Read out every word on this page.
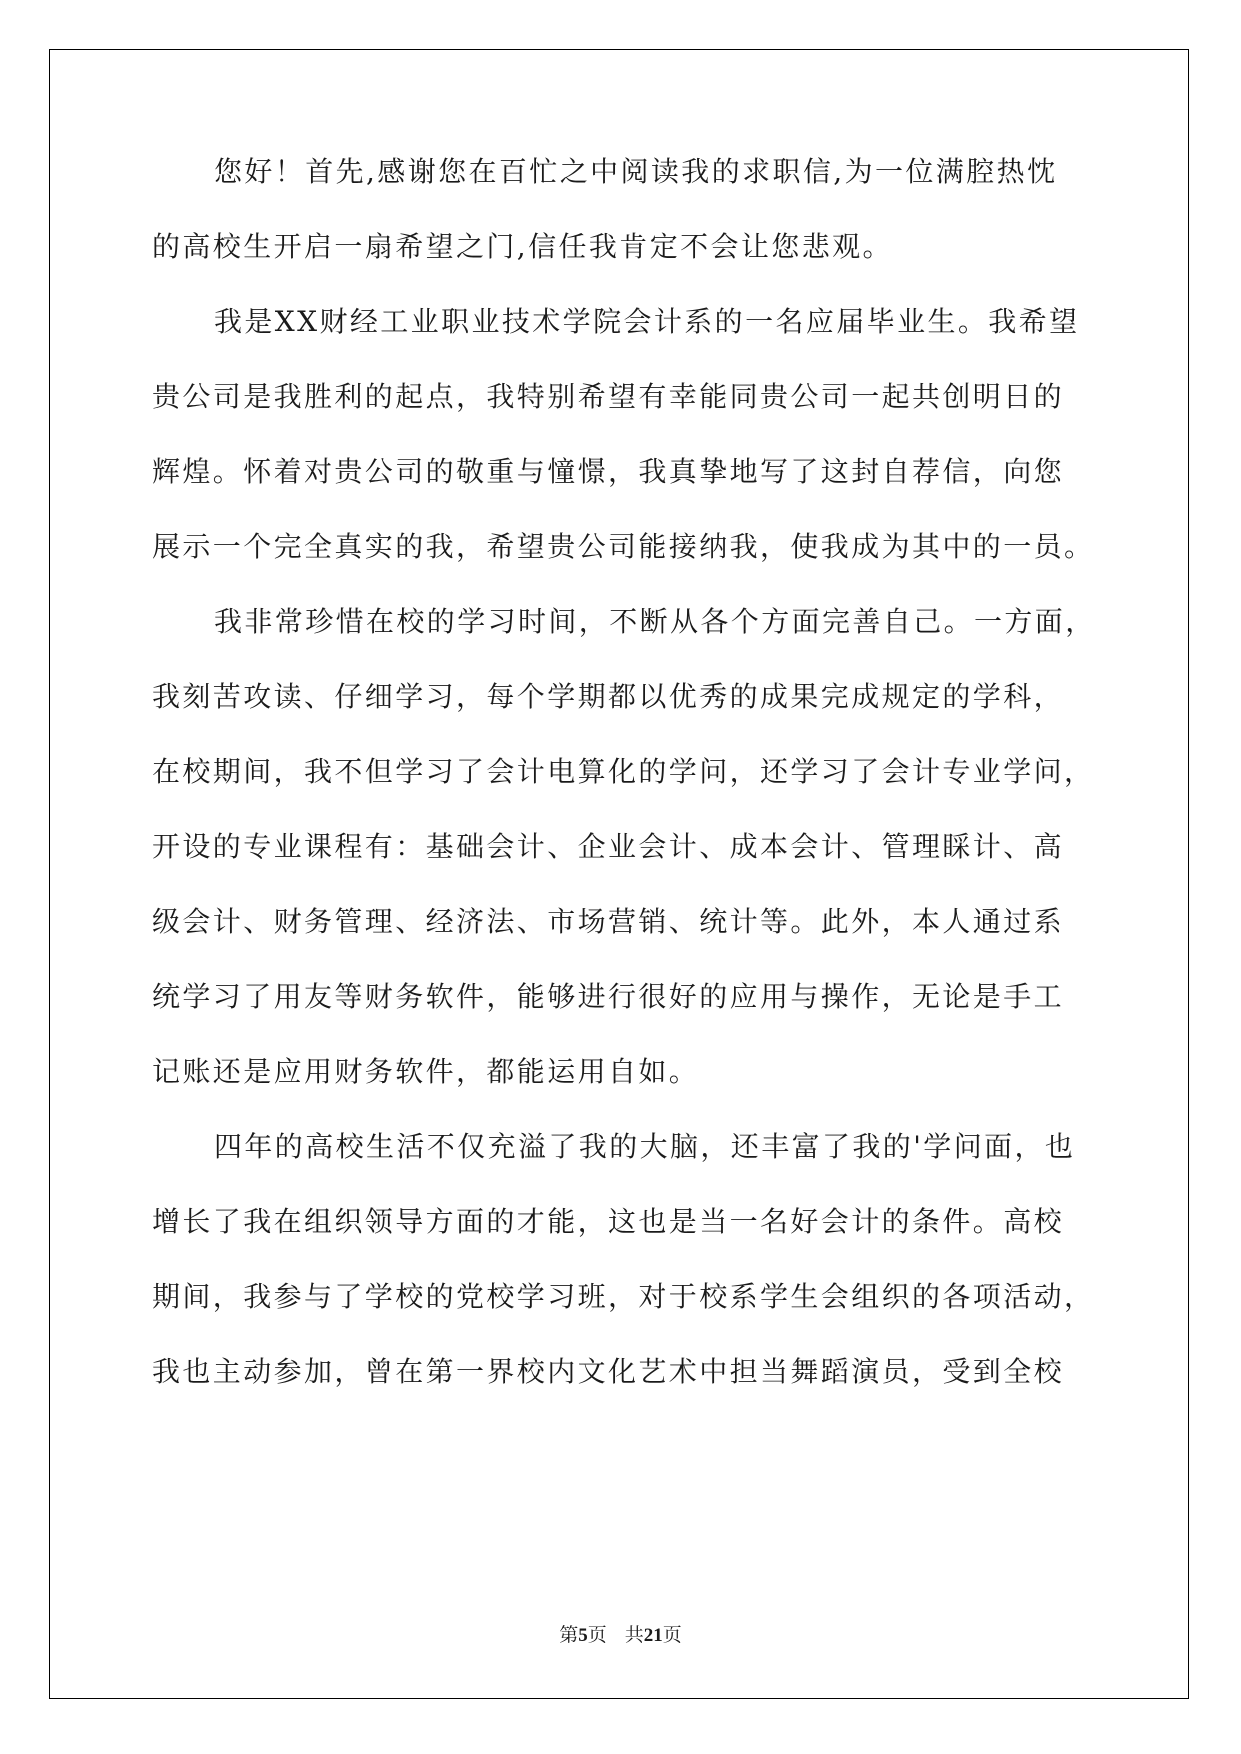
您好！首先,感谢您在百忙之中阅读我的求职信,为一位满腔热忱
的高校生开启一扇希望之门,信任我肯定不会让您悲观。
我是XX财经工业职业技术学院会计系的一名应届毕业生。我希望
贵公司是我胜利的起点，我特别希望有幸能同贵公司一起共创明日的
辉煌。怀着对贵公司的敬重与憧憬，我真挚地写了这封自荐信，向您
展示一个完全真实的我，希望贵公司能接纳我，使我成为其中的一员。
我非常珍惜在校的学习时间，不断从各个方面完善自己。一方面，
我刻苦攻读、仔细学习，每个学期都以优秀的成果完成规定的学科，
在校期间，我不但学习了会计电算化的学问，还学习了会计专业学问，
开设的专业课程有：基础会计、企业会计、成本会计、管理睬计、高
级会计、财务管理、经济法、市场营销、统计等。此外，本人通过系
统学习了用友等财务软件，能够进行很好的应用与操作，无论是手工
记账还是应用财务软件，都能运用自如。
四年的高校生活不仅充溢了我的大脑，还丰富了我的'学问面，也
增长了我在组织领导方面的才能，这也是当一名好会计的条件。高校
期间，我参与了学校的党校学习班，对于校系学生会组织的各项活动，
我也主动参加，曾在第一界校内文化艺术中担当舞蹈演员，受到全校
第5页 共21页
